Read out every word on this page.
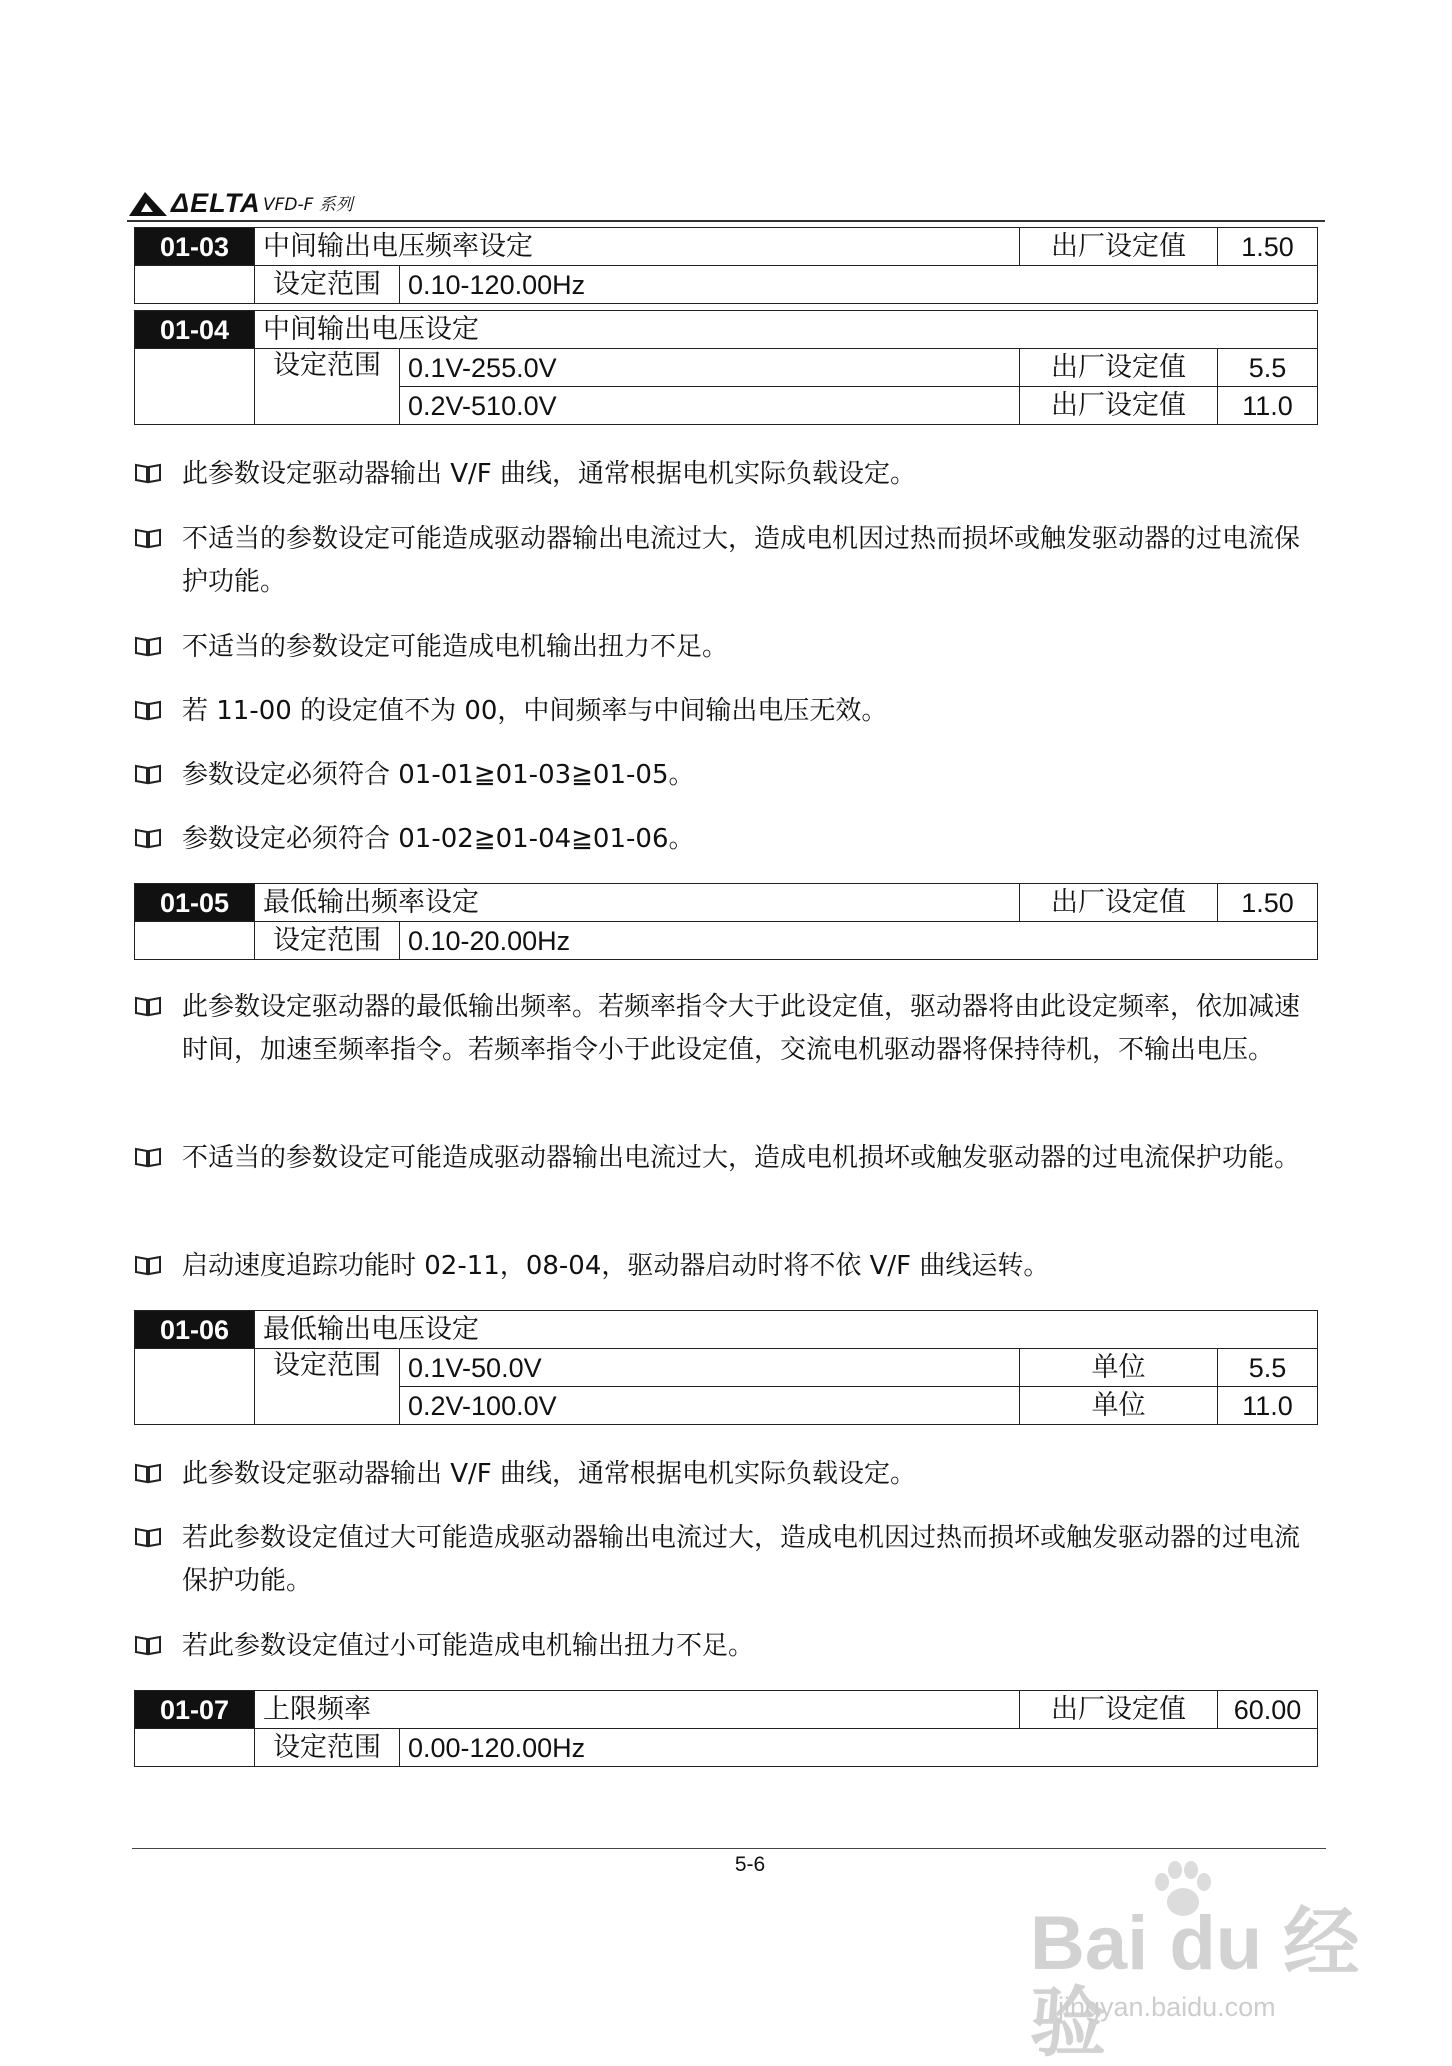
ΔELTA VFD-F 系列
01-03	中间输出电压频率设定		出厂设定值	1.50
	设定范围	0.10-120.00Hz		
01-04	中间输出电压设定			
	设定范围	0.1V-255.0V	出厂设定值	5.5
		0.2V-510.0V	出厂设定值	11.0
此参数设定驱动器输出 V/F 曲线，通常根据电机实际负载设定。
不适当的参数设定可能造成驱动器输出电流过大，造成电机因过热而损坏或触发驱动器的过电流保护功能。
不适当的参数设定可能造成电机输出扭力不足。
若 11-00 的设定值不为 00，中间频率与中间输出电压无效。
参数设定必须符合 01-01≧01-03≧01-05。
参数设定必须符合 01-02≧01-04≧01-06。
01-05	最低输出频率设定		出厂设定值	1.50
	设定范围	0.10-20.00Hz		
此参数设定驱动器的最低输出频率。若频率指令大于此设定值，驱动器将由此设定频率，依加减速时间，加速至频率指令。若频率指令小于此设定值，交流电机驱动器将保持待机，不输出电压。
不适当的参数设定可能造成驱动器输出电流过大，造成电机损坏或触发驱动器的过电流保护功能。
启动速度追踪功能时 02-11，08-04，驱动器启动时将不依 V/F 曲线运转。
01-06	最低输出电压设定			
	设定范围	0.1V-50.0V	单位	5.5
		0.2V-100.0V	单位	11.0
此参数设定驱动器输出 V/F 曲线，通常根据电机实际负载设定。
若此参数设定值过大可能造成驱动器输出电流过大，造成电机因过热而损坏或触发驱动器的过电流保护功能。
若此参数设定值过小可能造成电机输出扭力不足。
01-07	上限频率		出厂设定值	60.00
	设定范围	0.00-120.00Hz		
5-6
Bai du 经验
jingyan.baidu.com
